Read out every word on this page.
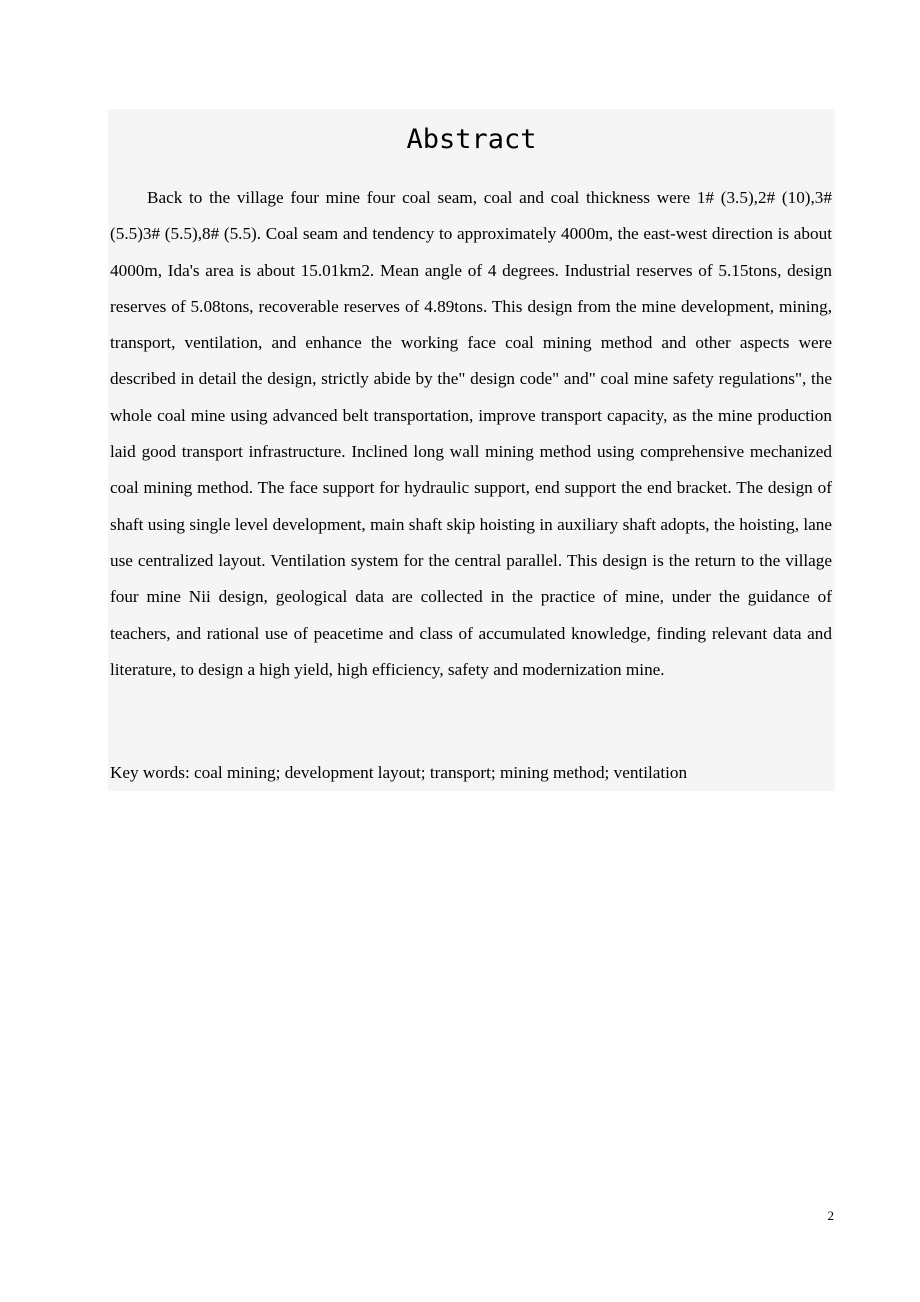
Abstract

Back to the village four mine four coal seam, coal and coal thickness were 1# (3.5),2# (10),3# (5.5)3# (5.5),8# (5.5). Coal seam and tendency to approximately 4000m, the east-west direction is about 4000m, Ida's area is about 15.01km2. Mean angle of 4 degrees. Industrial reserves of 5.15tons, design reserves of 5.08tons, recoverable reserves of 4.89tons. This design from the mine development, mining, transport, ventilation, and enhance the working face coal mining method and other aspects were described in detail the design, strictly abide by the" design code" and" coal mine safety regulations", the whole coal mine using advanced belt transportation, improve transport capacity, as the mine production laid good transport infrastructure. Inclined long wall mining method using comprehensive mechanized coal mining method. The face support for hydraulic support, end support the end bracket. The design of shaft using single level development, main shaft skip hoisting in auxiliary shaft adopts, the hoisting, lane use centralized layout. Ventilation system for the central parallel. This design is the return to the village four mine Nii design, geological data are collected in the practice of mine, under the guidance of teachers, and rational use of peacetime and class of accumulated knowledge, finding relevant data and literature, to design a high yield, high efficiency, safety and modernization mine.

Key words: coal mining; development layout; transport; mining method; ventilation

2
